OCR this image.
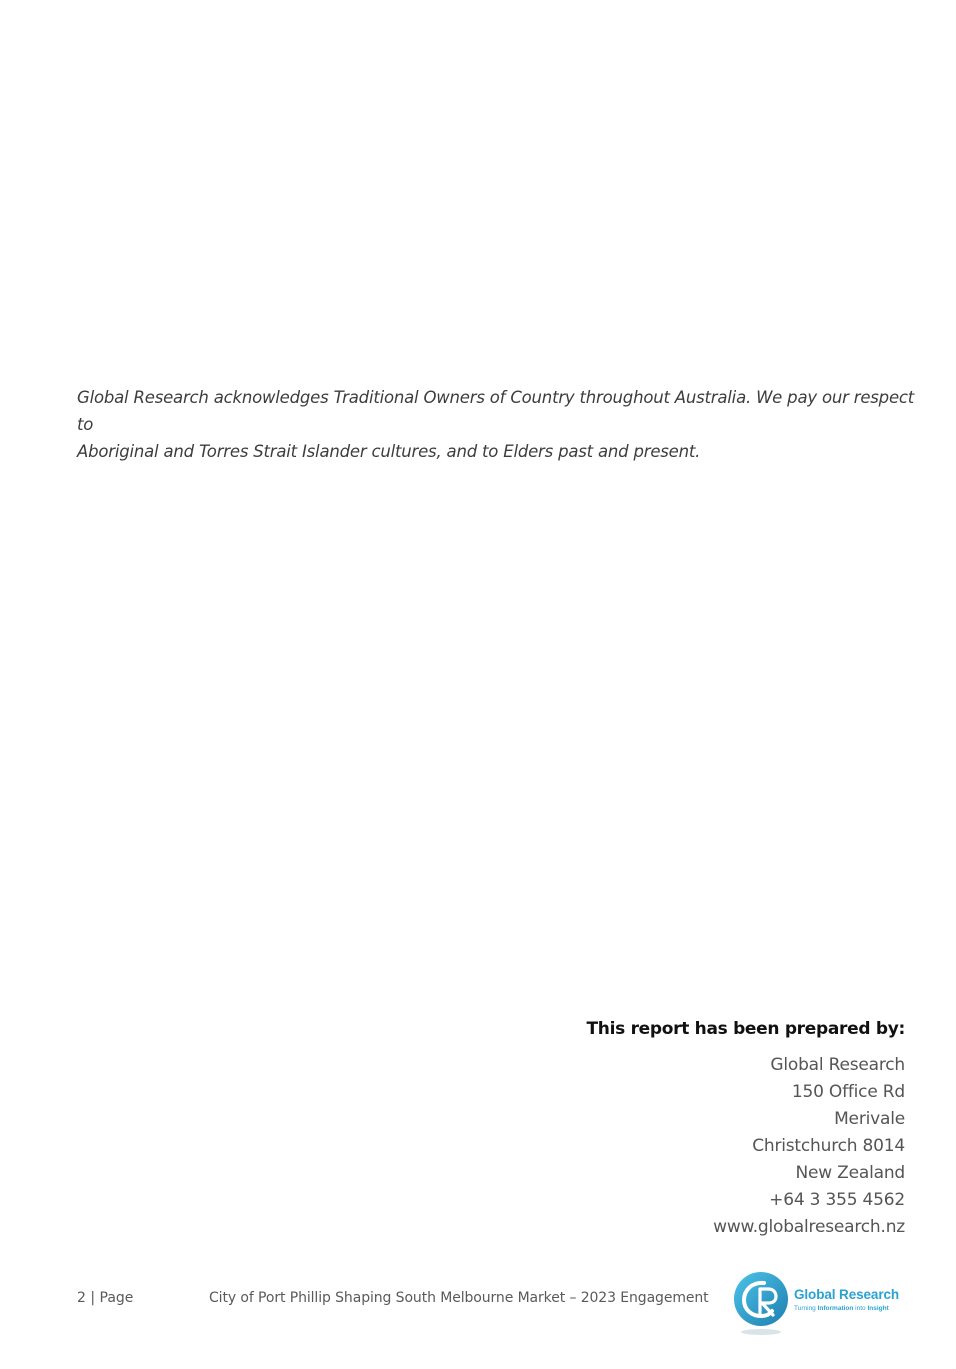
Global Research acknowledges Traditional Owners of Country throughout Australia. We pay our respect to
Aboriginal and Torres Strait Islander cultures, and to Elders past and present.
This report has been prepared by:
Global Research
150 Office Rd
Merivale
Christchurch 8014
New Zealand
+64 3 355 4562
www.globalresearch.nz
2 | Page	City of Port Phillip Shaping South Melbourne Market – 2023 Engagement	Global Research
Turning Information into Insight
